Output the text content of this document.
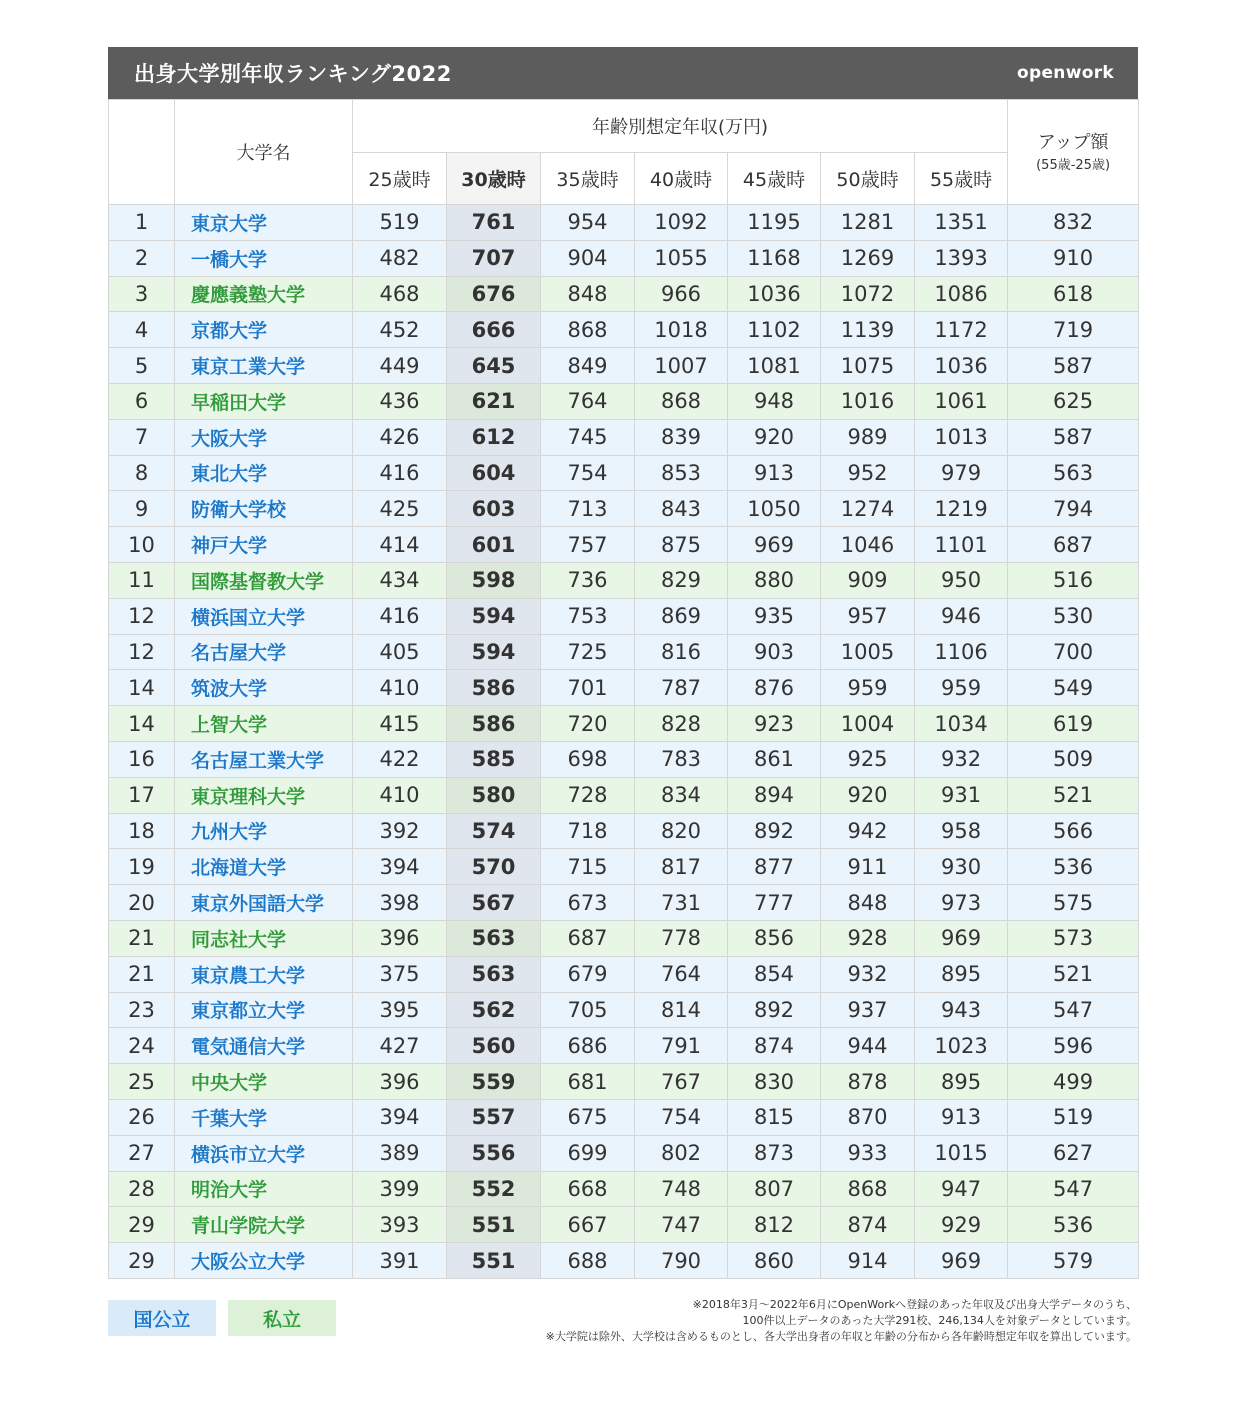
出身大学別年収ランキング2022	openwork
	大学名	年齢別想定年収(万円)							アップ額
(55歳-25歳)

		25歳時	30歳時	35歳時	40歳時	45歳時	50歳時	55歳時	
1	東京大学	519	761	954	1092	1195	1281	1351	832
2	一橋大学	482	707	904	1055	1168	1269	1393	910
3	慶應義塾大学	468	676	848	966	1036	1072	1086	618
4	京都大学	452	666	868	1018	1102	1139	1172	719
5	東京工業大学	449	645	849	1007	1081	1075	1036	587
6	早稲田大学	436	621	764	868	948	1016	1061	625
7	大阪大学	426	612	745	839	920	989	1013	587
8	東北大学	416	604	754	853	913	952	979	563
9	防衛大学校	425	603	713	843	1050	1274	1219	794
10	神戸大学	414	601	757	875	969	1046	1101	687
11	国際基督教大学	434	598	736	829	880	909	950	516
12	横浜国立大学	416	594	753	869	935	957	946	530
12	名古屋大学	405	594	725	816	903	1005	1106	700
14	筑波大学	410	586	701	787	876	959	959	549
14	上智大学	415	586	720	828	923	1004	1034	619
16	名古屋工業大学	422	585	698	783	861	925	932	509
17	東京理科大学	410	580	728	834	894	920	931	521
18	九州大学	392	574	718	820	892	942	958	566
19	北海道大学	394	570	715	817	877	911	930	536
20	東京外国語大学	398	567	673	731	777	848	973	575
21	同志社大学	396	563	687	778	856	928	969	573
21	東京農工大学	375	563	679	764	854	932	895	521
23	東京都立大学	395	562	705	814	892	937	943	547
24	電気通信大学	427	560	686	791	874	944	1023	596
25	中央大学	396	559	681	767	830	878	895	499
26	千葉大学	394	557	675	754	815	870	913	519
27	横浜市立大学	389	556	699	802	873	933	1015	627
28	明治大学	399	552	668	748	807	868	947	547
29	青山学院大学	393	551	667	747	812	874	929	536
29	大阪公立大学	391	551	688	790	860	914	969	579
国公立	私立
※2018年3月〜2022年6月にOpenWorkへ登録のあった年収及び出身大学データのうち、
100件以上データのあった大学291校、246,134人を対象データとしています。
※大学院は除外、大学校は含めるものとし、各大学出身者の年収と年齢の分布から各年齢時想定年収を算出しています。
